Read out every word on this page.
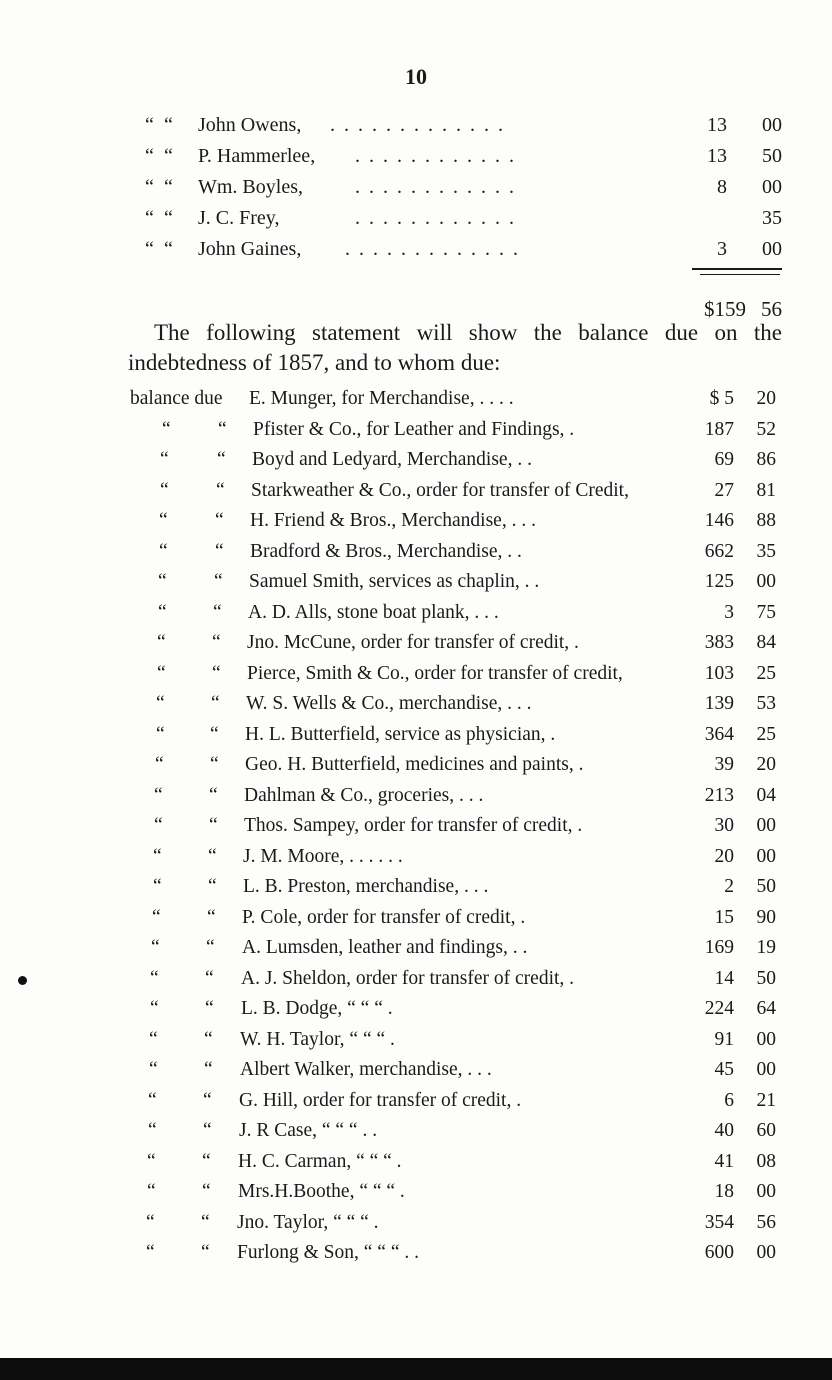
10
“ “ John Owens, . . . . . . . . . . . . .	13 00
“ “ P. Hammerlee, . . . . . . . . . . . .	13 50
“ “ Wm. Boyles,	. . . . . . . . . . . .	8 00
“ “ J. C. Frey,	. . . . . . . . . . . .	35
“ “ John Gaines, . . . . . . . . . . . . .	3 00
$159 56

The following statement will show the balance due on the indebtedness of 1857, and to whom due:

balance due E. Munger, for Merchandise, . . . .	$ 5 20
“ “ Pfister & Co., for Leather and Findings, .	187 52
“ “ Boyd and Ledyard, Merchandise, . .	69 86
“ “ Starkweather & Co., order for transfer of Credit,	27 81
“ “ H. Friend & Bros., Merchandise, . . .	146 88
“ “ Bradford & Bros., Merchandise, . .	662 35
“ “ Samuel Smith, services as chaplin, . .	125 00
“ “ A. D. Alls, stone boat plank, . . .	3 75
“ “ Jno. McCune, order for transfer of credit, .	383 84
“ “ Pierce, Smith & Co., order for transfer of credit,	103 25
“ “ W. S. Wells & Co., merchandise, . . .	139 53
“ “ H. L. Butterfield, service as physician, .	364 25
“ “ Geo. H. Butterfield, medicines and paints, .	39 20
“ “ Dahlman & Co., groceries, . . .	213 04
“ “ Thos. Sampey, order for transfer of credit, .	30 00
“ “ J. M. Moore, . . . . . .	20 00
“ “ L. B. Preston, merchandise, . . .	2 50
“ “ P. Cole, order for transfer of credit, .	15 90
“ “ A. Lumsden, leather and findings, . .	169 19
“ “ A. J. Sheldon, order for transfer of credit, .	14 50
“ “ L. B. Dodge, “ “ “ .	224 64
“ “ W. H. Taylor, “ “ “ .	91 00
“ “ Albert Walker, merchandise, . . .	45 00
“ “ G. Hill, order for transfer of credit, .	6 21
“ “ J. R Case, “ “ “ . .	40 60
“ “ H. C. Carman, “ “ “ .	41 08
“ “ Mrs.H.Boothe, “ “ “ .	18 00
“ “ Jno. Taylor, “ “ “ .	354 56
“ “ Furlong & Son, “ “ “ . .	600 00
